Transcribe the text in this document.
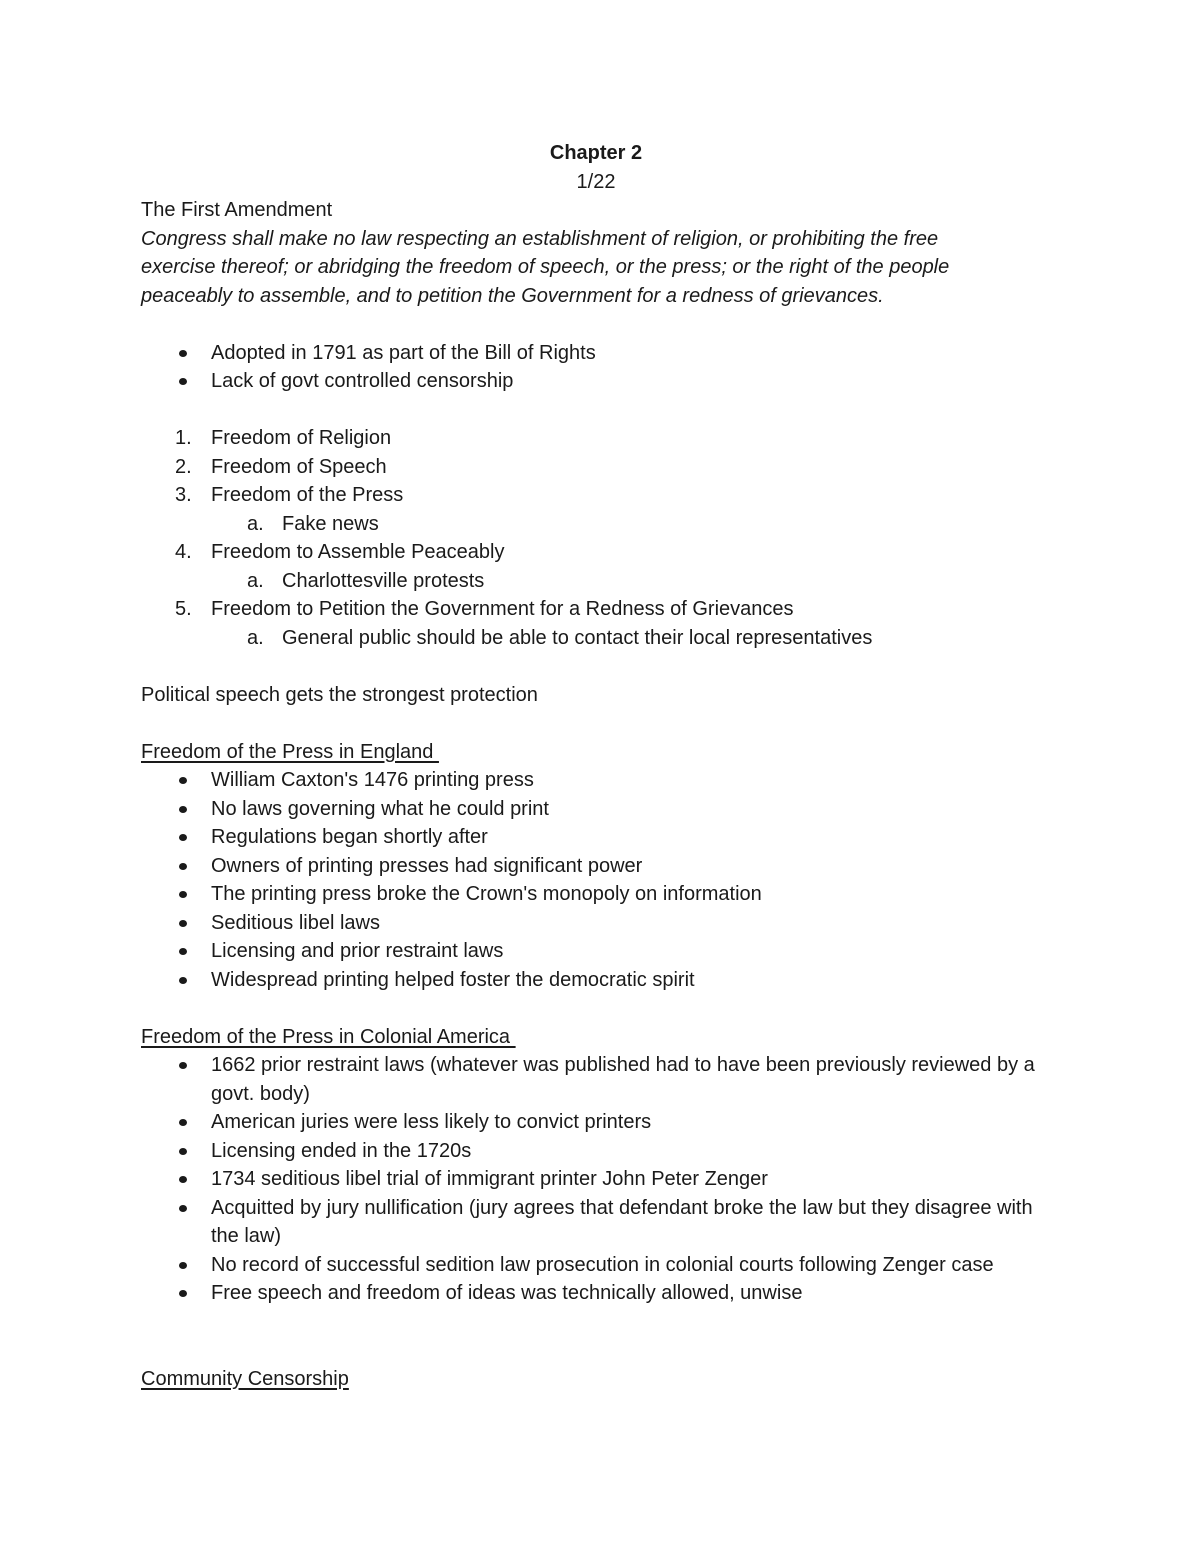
Chapter 2
1/22
The First Amendment
Congress shall make no law respecting an establishment of religion, or prohibiting the free
exercise thereof; or abridging the freedom of speech, or the press; or the right of the people
peaceably to assemble, and to petition the Government for a redness of grievances.
Adopted in 1791 as part of the Bill of Rights
Lack of govt controlled censorship
1. Freedom of Religion
2. Freedom of Speech
3. Freedom of the Press
a. Fake news
4. Freedom to Assemble Peaceably
a. Charlottesville protests
5. Freedom to Petition the Government for a Redness of Grievances
a. General public should be able to contact their local representatives
Political speech gets the strongest protection
Freedom of the Press in England
William Caxton's 1476 printing press
No laws governing what he could print
Regulations began shortly after
Owners of printing presses had significant power
The printing press broke the Crown's monopoly on information
Seditious libel laws
Licensing and prior restraint laws
Widespread printing helped foster the democratic spirit
Freedom of the Press in Colonial America
1662 prior restraint laws (whatever was published had to have been previously reviewed by a govt. body)
American juries were less likely to convict printers
Licensing ended in the 1720s
1734 seditious libel trial of immigrant printer John Peter Zenger
Acquitted by jury nullification (jury agrees that defendant broke the law but they disagree with the law)
No record of successful sedition law prosecution in colonial courts following Zenger case
Free speech and freedom of ideas was technically allowed, unwise
Community Censorship
